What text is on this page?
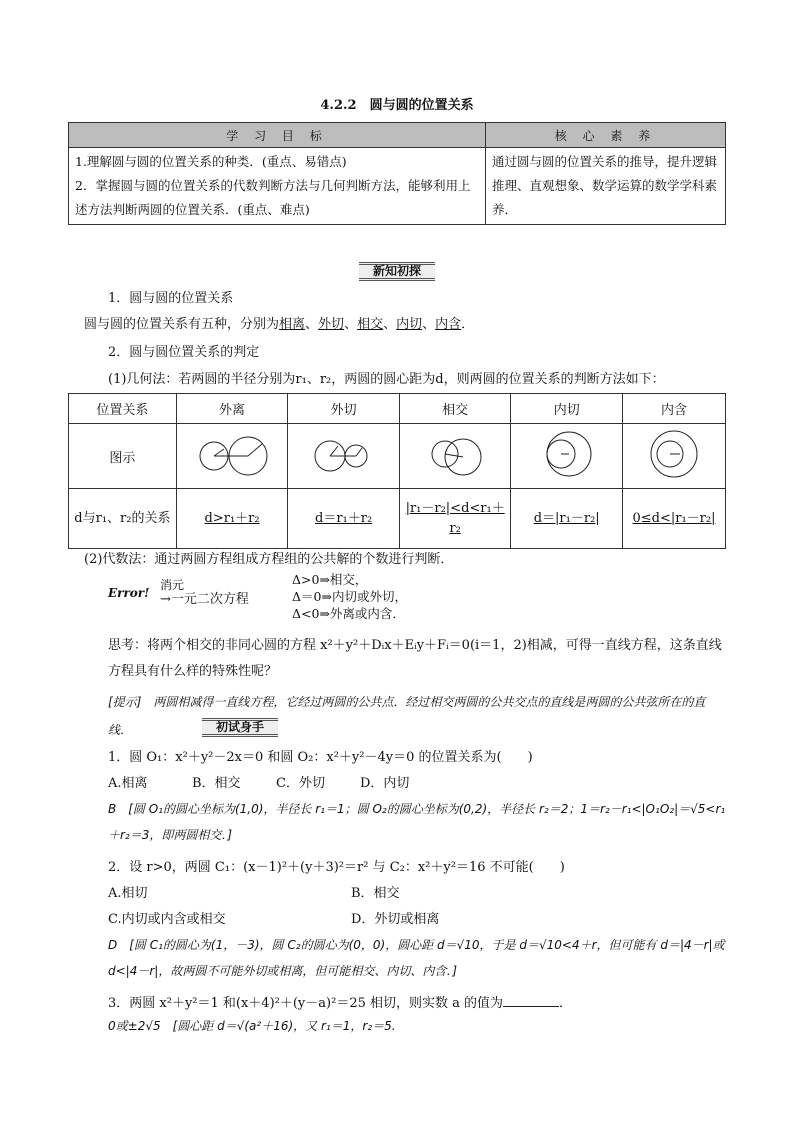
4.2.2　圆与圆的位置关系
学 习 目 标	核 心 素 养

1.理解圆与圆的位置关系的种类．(重点、易错点)
2．掌握圆与圆的位置关系的代数判断方法与几何判断方法，能够利用上述方法判断两圆的位置关系．(重点、难点)	通过圆与圆的位置关系的推导，提升逻辑推理、直观想象、数学运算的数学学科素养．
新知初探
1．圆与圆的位置关系
圆与圆的位置关系有五种，分别为相离、外切、相交、内切、内含．
2．圆与圆位置关系的判定
(1)几何法：若两圆的半径分别为r₁、r₂，两圆的圆心距为d，则两圆的位置关系的判断方法如下：
位置关系	外离	外切	相交	内切	内含
图示					
d与r₁、r₂的关系	d>r₁＋r₂	d＝r₁＋r₂	|r₁－r₂|<d<r₁＋r₂	d＝|r₁－r₂|	0≤d<|r₁－r₂|
(2)代数法：通过两圆方程组成方程组的公共解的个数进行判断．
Error!
消元
→一元二次方程
Δ>0⇒相交，
Δ＝0⇒内切或外切，
Δ<0⇒外离或内含．
思考：将两个相交的非同心圆的方程 x²＋y²＋Dᵢx＋Eᵢy＋Fᵢ＝0(i＝1，2)相减，可得一直线方程，这条直线方程具有什么样的特殊性呢？
[提示]　两圆相减得一直线方程，它经过两圆的公共点．经过相交两圆的公共交点的直线是两圆的公共弦所在的直线．	初试身手
1．圆 O₁：x²＋y²－2x＝0 和圆 O₂：x²＋y²－4y＝0 的位置关系为(　　)
A.相离	B．相交	C．外切	D．内切
B　[圆 O₁的圆心坐标为(1,0)，半径长 r₁＝1；圆 O₂的圆心坐标为(0,2)，半径长 r₂＝2；1＝r₂－r₁<|O₁O₂|＝√5<r₁＋r₂＝3，即两圆相交．]
2．设 r>0，两圆 C₁：(x－1)²＋(y＋3)²＝r² 与 C₂：x²＋y²＝16 不可能(　　)
A.相切	B．相交
C.内切或内含或相交	D．外切或相离
D　[圆 C₁的圆心为(1，－3)，圆 C₂的圆心为(0，0)，圆心距 d＝√10，于是 d＝√10<4＋r，但可能有 d＝|4－r|或 d<|4－r|，故两圆不可能外切或相离，但可能相交、内切、内含．]
3．两圆 x²＋y²＝1 和(x＋4)²＋(y－a)²＝25 相切，则实数 a 的值为	．
0或±2√5　[圆心距 d＝√(a²＋16)，又 r₁＝1，r₂＝5.
